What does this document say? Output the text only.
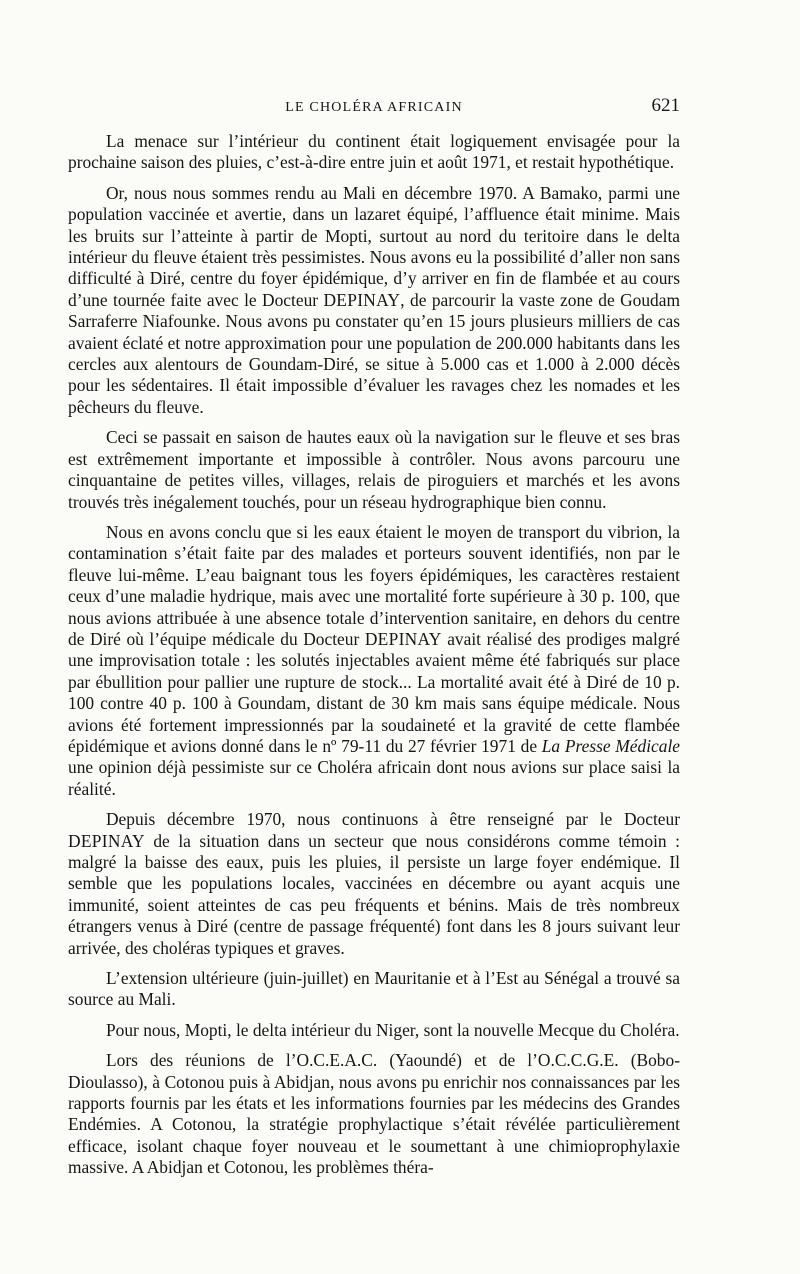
LE CHOLÉRA AFRICAIN	621

La menace sur l’intérieur du continent était logiquement envisagée pour la prochaine saison des pluies, c’est-à-dire entre juin et août 1971, et restait hypothétique.

Or, nous nous sommes rendu au Mali en décembre 1970. A Bamako, parmi une population vaccinée et avertie, dans un lazaret équipé, l’affluence était minime. Mais les bruits sur l’atteinte à partir de Mopti, surtout au nord du teritoire dans le delta intérieur du fleuve étaient très pessimistes. Nous avons eu la possibilité d’aller non sans difficulté à Diré, centre du foyer épidémique, d’y arriver en fin de flambée et au cours d’une tournée faite avec le Docteur DEPINAY, de parcourir la vaste zone de Goudam Sarraferre Niafounke. Nous avons pu constater qu’en 15 jours plusieurs milliers de cas avaient éclaté et notre approximation pour une population de 200.000 habitants dans les cercles aux alentours de Goundam-Diré, se situe à 5.000 cas et 1.000 à 2.000 décès pour les sédentaires. Il était impossible d’évaluer les ravages chez les nomades et les pêcheurs du fleuve.

Ceci se passait en saison de hautes eaux où la navigation sur le fleuve et ses bras est extrêmement importante et impossible à contrôler. Nous avons parcouru une cinquantaine de petites villes, villages, relais de piroguiers et marchés et les avons trouvés très inégalement touchés, pour un réseau hydrographique bien connu.

Nous en avons conclu que si les eaux étaient le moyen de transport du vibrion, la contamination s’était faite par des malades et porteurs souvent identifiés, non par le fleuve lui-même. L’eau baignant tous les foyers épidémiques, les caractères restaient ceux d’une maladie hydrique, mais avec une mortalité forte supérieure à 30 p. 100, que nous avions attribuée à une absence totale d’intervention sanitaire, en dehors du centre de Diré où l’équipe médicale du Docteur DEPINAY avait réalisé des prodiges malgré une improvisation totale : les solutés injectables avaient même été fabriqués sur place par ébullition pour pallier une rupture de stock... La mortalité avait été à Diré de 10 p. 100 contre 40 p. 100 à Goundam, distant de 30 km mais sans équipe médicale. Nous avions été fortement impressionnés par la soudaineté et la gravité de cette flambée épidémique et avions donné dans le nº 79-11 du 27 février 1971 de La Presse Médicale une opinion déjà pessimiste sur ce Choléra africain dont nous avions sur place saisi la réalité.

Depuis décembre 1970, nous continuons à être renseigné par le Docteur DEPINAY de la situation dans un secteur que nous considérons comme témoin : malgré la baisse des eaux, puis les pluies, il persiste un large foyer endémique. Il semble que les populations locales, vaccinées en décembre ou ayant acquis une immunité, soient atteintes de cas peu fréquents et bénins. Mais de très nombreux étrangers venus à Diré (centre de passage fréquenté) font dans les 8 jours suivant leur arrivée, des choléras typiques et graves.

L’extension ultérieure (juin-juillet) en Mauritanie et à l’Est au Sénégal a trouvé sa source au Mali.

Pour nous, Mopti, le delta intérieur du Niger, sont la nouvelle Mecque du Choléra.

Lors des réunions de l’O.C.E.A.C. (Yaoundé) et de l’O.C.C.G.E. (Bobo-Dioulasso), à Cotonou puis à Abidjan, nous avons pu enrichir nos connaissances par les rapports fournis par les états et les informations fournies par les médecins des Grandes Endémies. A Cotonou, la stratégie prophylactique s’était révélée particulièrement efficace, isolant chaque foyer nouveau et le soumettant à une chimioprophylaxie massive. A Abidjan et Cotonou, les problèmes théra-
